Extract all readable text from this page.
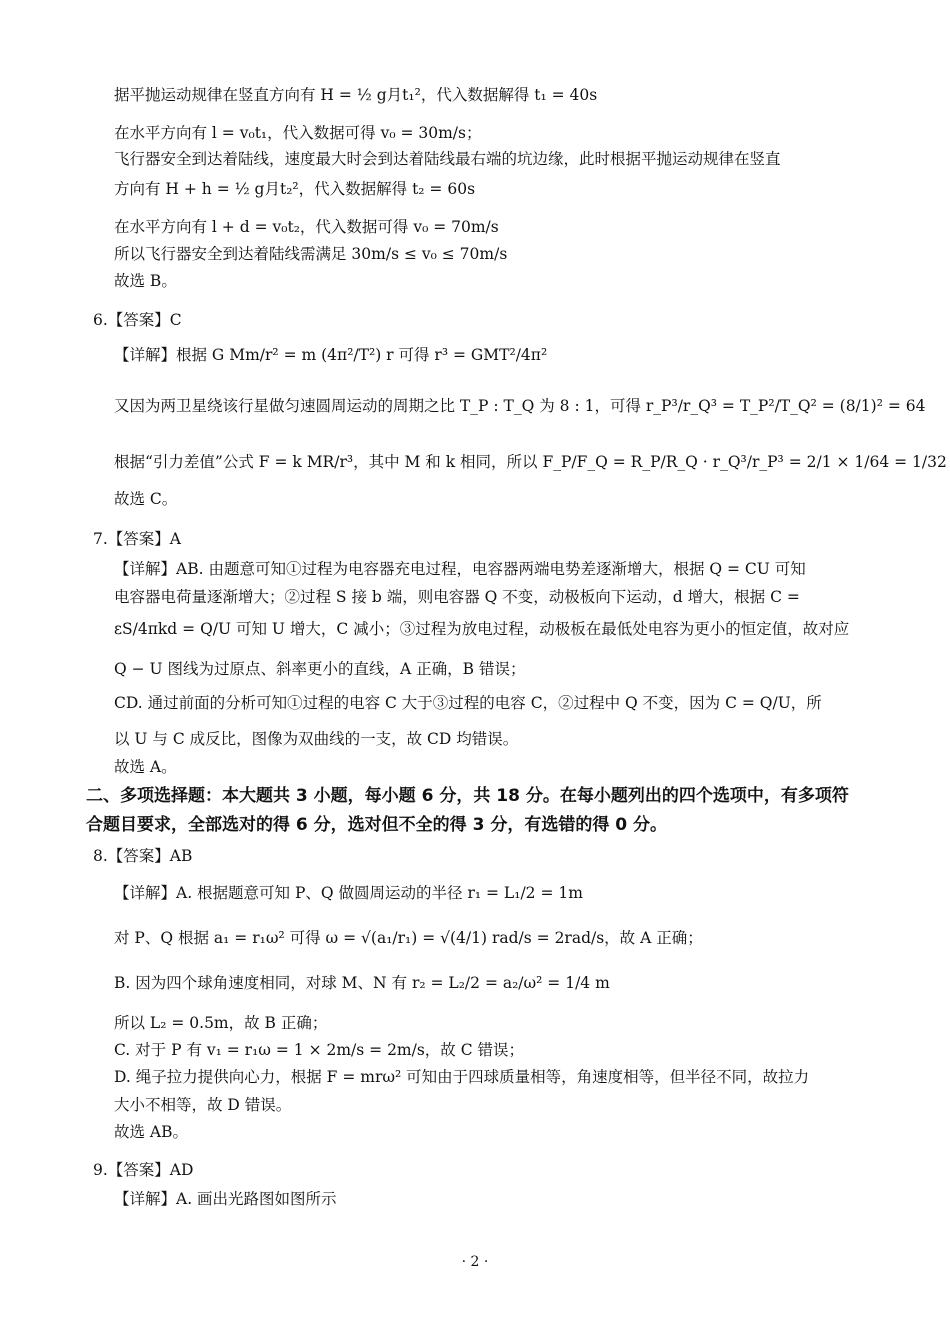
据平抛运动规律在竖直方向有 H = ½ g月t₁²，代入数据解得 t₁ = 40s
在水平方向有 l = v₀t₁，代入数据可得 v₀ = 30m/s；
飞行器安全到达着陆线，速度最大时会到达着陆线最右端的坑边缘，此时根据平抛运动规律在竖直
方向有 H + h = ½ g月t₂²，代入数据解得 t₂ = 60s
在水平方向有 l + d = v₀t₂，代入数据可得 v₀ = 70m/s
所以飞行器安全到达着陆线需满足 30m/s ≤ v₀ ≤ 70m/s
故选 B。
6.【答案】C
【详解】根据 G Mm/r² = m (4π²/T²) r 可得 r³ = GMT²/4π²
又因为两卫星绕该行星做匀速圆周运动的周期之比 T_P : T_Q 为 8 : 1，可得 r_P³/r_Q³ = T_P²/T_Q² = (8/1)² = 64
根据“引力差值”公式 F = k MR/r³，其中 M 和 k 相同，所以 F_P/F_Q = R_P/R_Q · r_Q³/r_P³ = 2/1 × 1/64 = 1/32
故选 C。
7.【答案】A
【详解】AB. 由题意可知①过程为电容器充电过程，电容器两端电势差逐渐增大，根据 Q = CU 可知
电容器电荷量逐渐增大；②过程 S 接 b 端，则电容器 Q 不变，动极板向下运动，d 增大，根据 C =
εS/4πkd = Q/U 可知 U 增大，C 减小；③过程为放电过程，动极板在最低处电容为更小的恒定值，故对应
Q − U 图线为过原点、斜率更小的直线，A 正确，B 错误；
CD. 通过前面的分析可知①过程的电容 C 大于③过程的电容 C，②过程中 Q 不变，因为 C = Q/U，所
以 U 与 C 成反比，图像为双曲线的一支，故 CD 均错误。
故选 A。
二、多项选择题：本大题共 3 小题，每小题 6 分，共 18 分。在每小题列出的四个选项中，有多项符
合题目要求，全部选对的得 6 分，选对但不全的得 3 分，有选错的得 0 分。
8.【答案】AB
【详解】A. 根据题意可知 P、Q 做圆周运动的半径 r₁ = L₁/2 = 1m
对 P、Q 根据 a₁ = r₁ω² 可得 ω = √(a₁/r₁) = √(4/1) rad/s = 2rad/s，故 A 正确；
B. 因为四个球角速度相同，对球 M、N 有 r₂ = L₂/2 = a₂/ω² = 1/4 m
所以 L₂ = 0.5m，故 B 正确；
C. 对于 P 有 v₁ = r₁ω = 1 × 2m/s = 2m/s，故 C 错误；
D. 绳子拉力提供向心力，根据 F = mrω² 可知由于四球质量相等，角速度相等，但半径不同，故拉力
大小不相等，故 D 错误。
故选 AB。
9.【答案】AD
【详解】A. 画出光路图如图所示
· 2 ·
